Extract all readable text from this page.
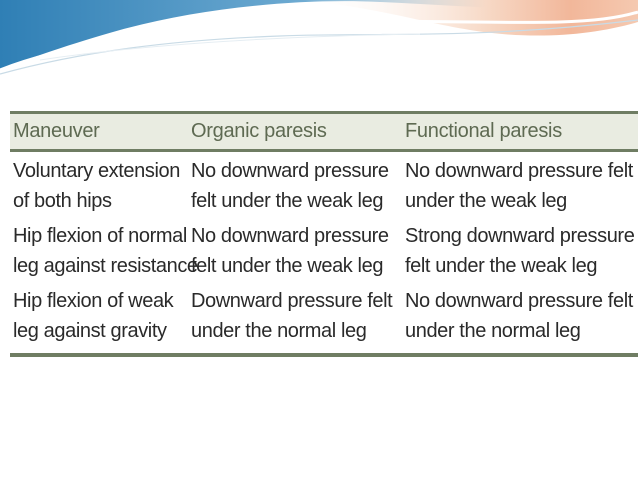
Maneuver	Organic paresis	Functional paresis

Voluntary extension
of both hips	No downward pressure
felt under the weak leg	No downward pressure felt
under the weak leg

Hip flexion of normal
leg against resistance	No downward pressure
felt under the weak leg	Strong downward pressure
felt under the weak leg

Hip flexion of weak
leg against gravity	Downward pressure felt
under the normal leg	No downward pressure felt
under the normal leg
